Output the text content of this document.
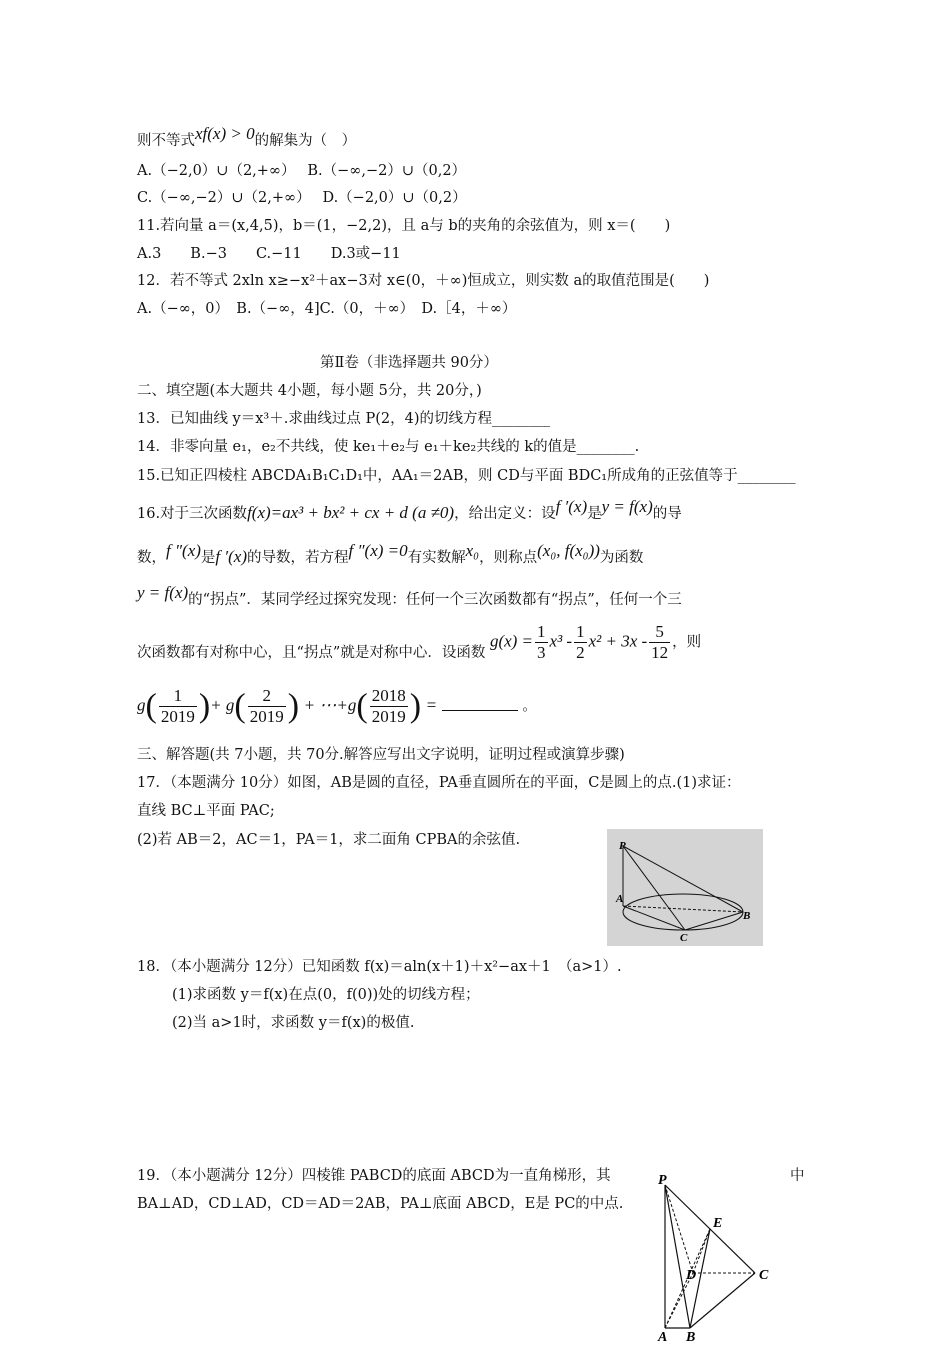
则不等式xf(x) > 0的解集为（　）
A.（−2,0）∪（2,+∞）　 B.（−∞,−2）∪（0,2）
C.（−∞,−2）∪（2,+∞）　 D.（−2,0）∪（0,2）
11.若向量 a＝(x,4,5)，b＝(1，−2,2)，且 a与 b的夹角的余弦值为，则 x＝(　　)
A.3　　B.−3　　C.−11　　D.3或−11
12．若不等式 2xln x≥−x²＋ax−3对 x∈(0，＋∞)恒成立，则实数 a的取值范围是(　　)
A.（−∞，0）　B.（−∞，4]C.（0，＋∞）　D.［4，＋∞）
第Ⅱ卷（非选择题共 90分）
二、填空题(本大题共 4小题，每小题 5分，共 20分，)
13．已知曲线 y＝x³＋.求曲线过点 P(2，4)的切线方程________
14．非零向量 e₁，e₂不共线，使 ke₁＋e₂与 e₁＋ke₂共线的 k的值是________.
15.已知正四棱柱 ABCDA₁B₁C₁D₁中，AA₁＝2AB，则 CD与平面 BDC₁所成角的正弦值等于________
16.对于三次函数f(x)=ax³ + bx² + cx + d (a ≠0)，给出定义：设f ′(x)是y = f(x)的导
数，f ″(x)是f ′(x)的导数，若方程f ″(x) =0有实数解x₀，则称点(x₀, f(x₀))为函数
y = f(x)的“拐点”．某同学经过探究发现：任何一个三次函数都有“拐点”，任何一个三
次函数都有对称中心，且“拐点”就是对称中心．设函数 $g(x) = \frac{1}{3} x^3 - \frac{1}{2} x^2 + 3x - \frac{5}{12}$ ，则
$g( \frac{1}{2019}$ )+ $g( \frac{2}{2019}$ ) + ⋯+g( $\frac{2018}{2019}$ ) =	。
三、解答题(共 7小题，共 70分.解答应写出文字说明，证明过程或演算步骤)
17．（本题满分 10分）如图，AB是圆的直径，PA垂直圆所在的平面，C是圆上的点.(1)求证：
直线 BC⊥平面 PAC;
(2)若 AB＝2，AC＝1，PA＝1，求二面角 CPBA的余弦值.	P
A
B
C
18．（本小题满分 12分）已知函数 f(x)＝aln(x＋1)＋x²−ax＋1　（a>1）.
(1)求函数 y＝f(x)在点(0，f(0))处的切线方程；
(2)当 a>1时，求函数 y＝f(x)的极值.
19．（本小题满分 12分）四棱锥 PABCD的底面 ABCD为一直角梯形，其	中
BA⊥AD，CD⊥AD，CD＝AD＝2AB，PA⊥底面 ABCD，E是 PC的中点.
P
E
D	C
A B
